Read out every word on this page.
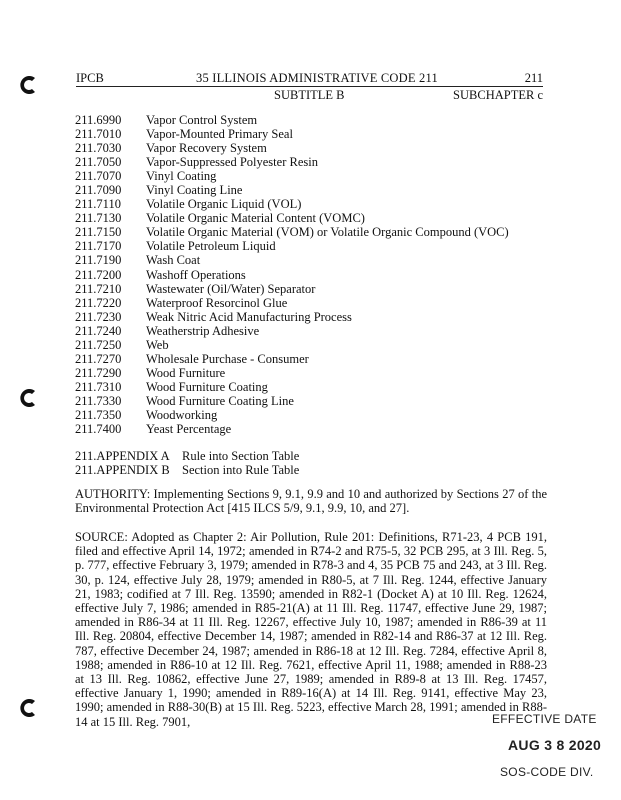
IPCB	35 ILLINOIS ADMINISTRATIVE CODE 211	211
SUBTITLE B	SUBCHAPTER c
211.6990 Vapor Control System
211.7010 Vapor-Mounted Primary Seal
211.7030 Vapor Recovery System
211.7050 Vapor-Suppressed Polyester Resin
211.7070 Vinyl Coating
211.7090 Vinyl Coating Line
211.7110 Volatile Organic Liquid (VOL)
211.7130 Volatile Organic Material Content (VOMC)
211.7150 Volatile Organic Material (VOM) or Volatile Organic Compound (VOC)
211.7170 Volatile Petroleum Liquid
211.7190 Wash Coat
211.7200 Washoff Operations
211.7210 Wastewater (Oil/Water) Separator
211.7220 Waterproof Resorcinol Glue
211.7230 Weak Nitric Acid Manufacturing Process
211.7240 Weatherstrip Adhesive
211.7250 Web
211.7270 Wholesale Purchase - Consumer
211.7290 Wood Furniture
211.7310 Wood Furniture Coating
211.7330 Wood Furniture Coating Line
211.7350 Woodworking
211.7400 Yeast Percentage
211.APPENDIX A Rule into Section Table
211.APPENDIX B Section into Rule Table

AUTHORITY: Implementing Sections 9, 9.1, 9.9 and 10 and authorized by Sections 27 of the Environmental Protection Act [415 ILCS 5/9, 9.1, 9.9, 10, and 27].

SOURCE: Adopted as Chapter 2: Air Pollution, Rule 201: Definitions, R71-23, 4 PCB 191, filed and effective April 14, 1972; amended in R74-2 and R75-5, 32 PCB 295, at 3 Ill. Reg. 5, p. 777, effective February 3, 1979; amended in R78-3 and 4, 35 PCB 75 and 243, at 3 Ill. Reg. 30, p. 124, effective July 28, 1979; amended in R80-5, at 7 Ill. Reg. 1244, effective January 21, 1983; codified at 7 Ill. Reg. 13590; amended in R82-1 (Docket A) at 10 Ill. Reg. 12624, effective July 7, 1986; amended in R85-21(A) at 11 Ill. Reg. 11747, effective June 29, 1987; amended in R86-34 at 11 Ill. Reg. 12267, effective July 10, 1987; amended in R86-39 at 11 Ill. Reg. 20804, effective December 14, 1987; amended in R82-14 and R86-37 at 12 Ill. Reg. 787, effective December 24, 1987; amended in R86-18 at 12 Ill. Reg. 7284, effective April 8, 1988; amended in R86-10 at 12 Ill. Reg. 7621, effective April 11, 1988; amended in R88-23 at 13 Ill. Reg. 10862, effective June 27, 1989; amended in R89-8 at 13 Ill. Reg. 17457, effective January 1, 1990; amended in R89-16(A) at 14 Ill. Reg. 9141, effective May 23, 1990; amended in R88-30(B) at 15 Ill. Reg. 5223, effective March 28, 1991; amended in R88-14 at 15 Ill. Reg. 7901,	EFFECTIVE DATE
AUG 3 8 2020
SOS-CODE DIV.
